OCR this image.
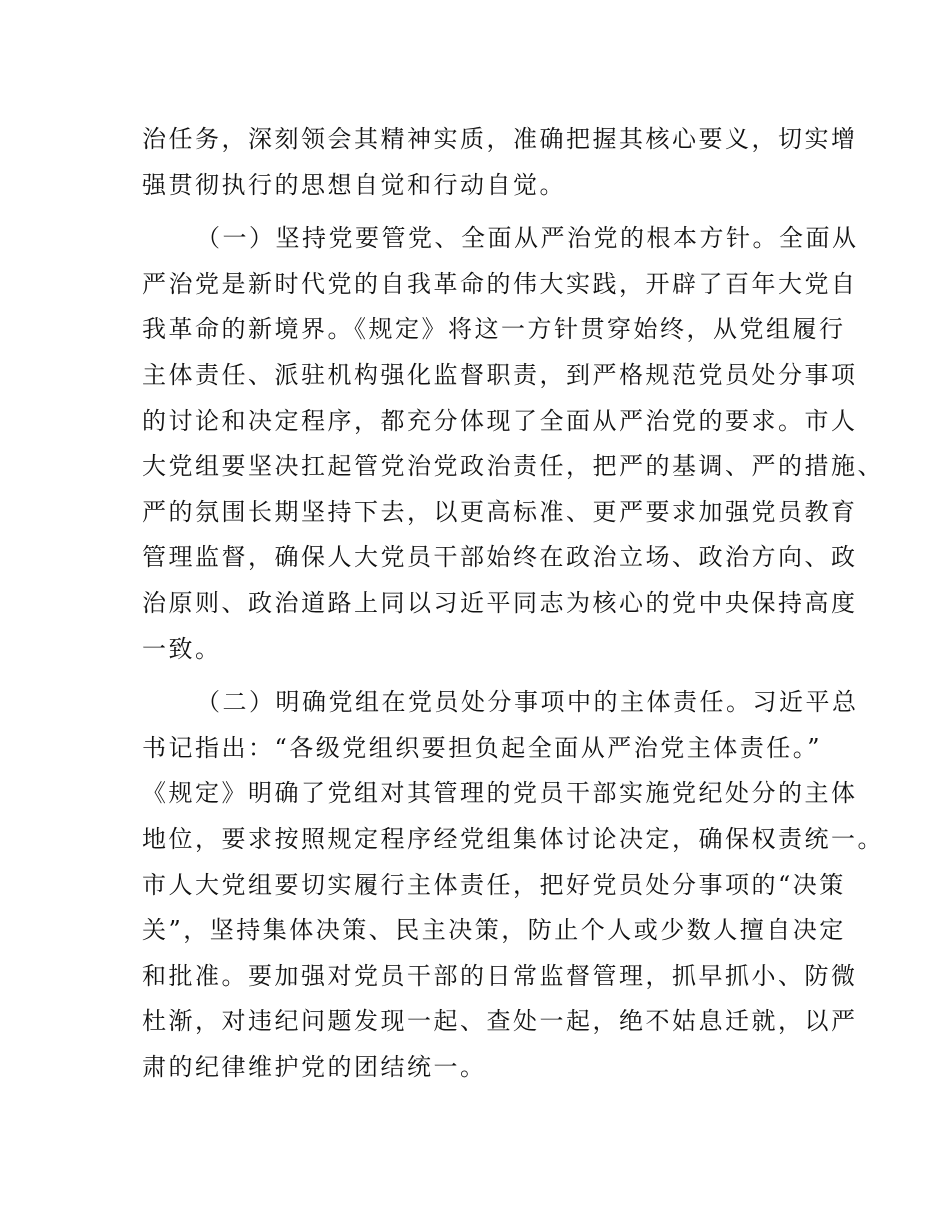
治任务，深刻领会其精神实质，准确把握其核心要义，切实增
强贯彻执行的思想自觉和行动自觉。
（一）坚持党要管党、全面从严治党的根本方针。全面从
严治党是新时代党的自我革命的伟大实践，开辟了百年大党自
我革命的新境界。《规定》将这一方针贯穿始终，从党组履行
主体责任、派驻机构强化监督职责，到严格规范党员处分事项
的讨论和决定程序，都充分体现了全面从严治党的要求。市人
大党组要坚决扛起管党治党政治责任，把严的基调、严的措施、
严的氛围长期坚持下去，以更高标准、更严要求加强党员教育
管理监督，确保人大党员干部始终在政治立场、政治方向、政
治原则、政治道路上同以习近平同志为核心的党中央保持高度
一致。
（二）明确党组在党员处分事项中的主体责任。习近平总
书记指出：“各级党组织要担负起全面从严治党主体责任。”
《规定》明确了党组对其管理的党员干部实施党纪处分的主体
地位，要求按照规定程序经党组集体讨论决定，确保权责统一。
市人大党组要切实履行主体责任，把好党员处分事项的“决策
关”，坚持集体决策、民主决策，防止个人或少数人擅自决定
和批准。要加强对党员干部的日常监督管理，抓早抓小、防微
杜渐，对违纪问题发现一起、查处一起，绝不姑息迁就，以严
肃的纪律维护党的团结统一。
